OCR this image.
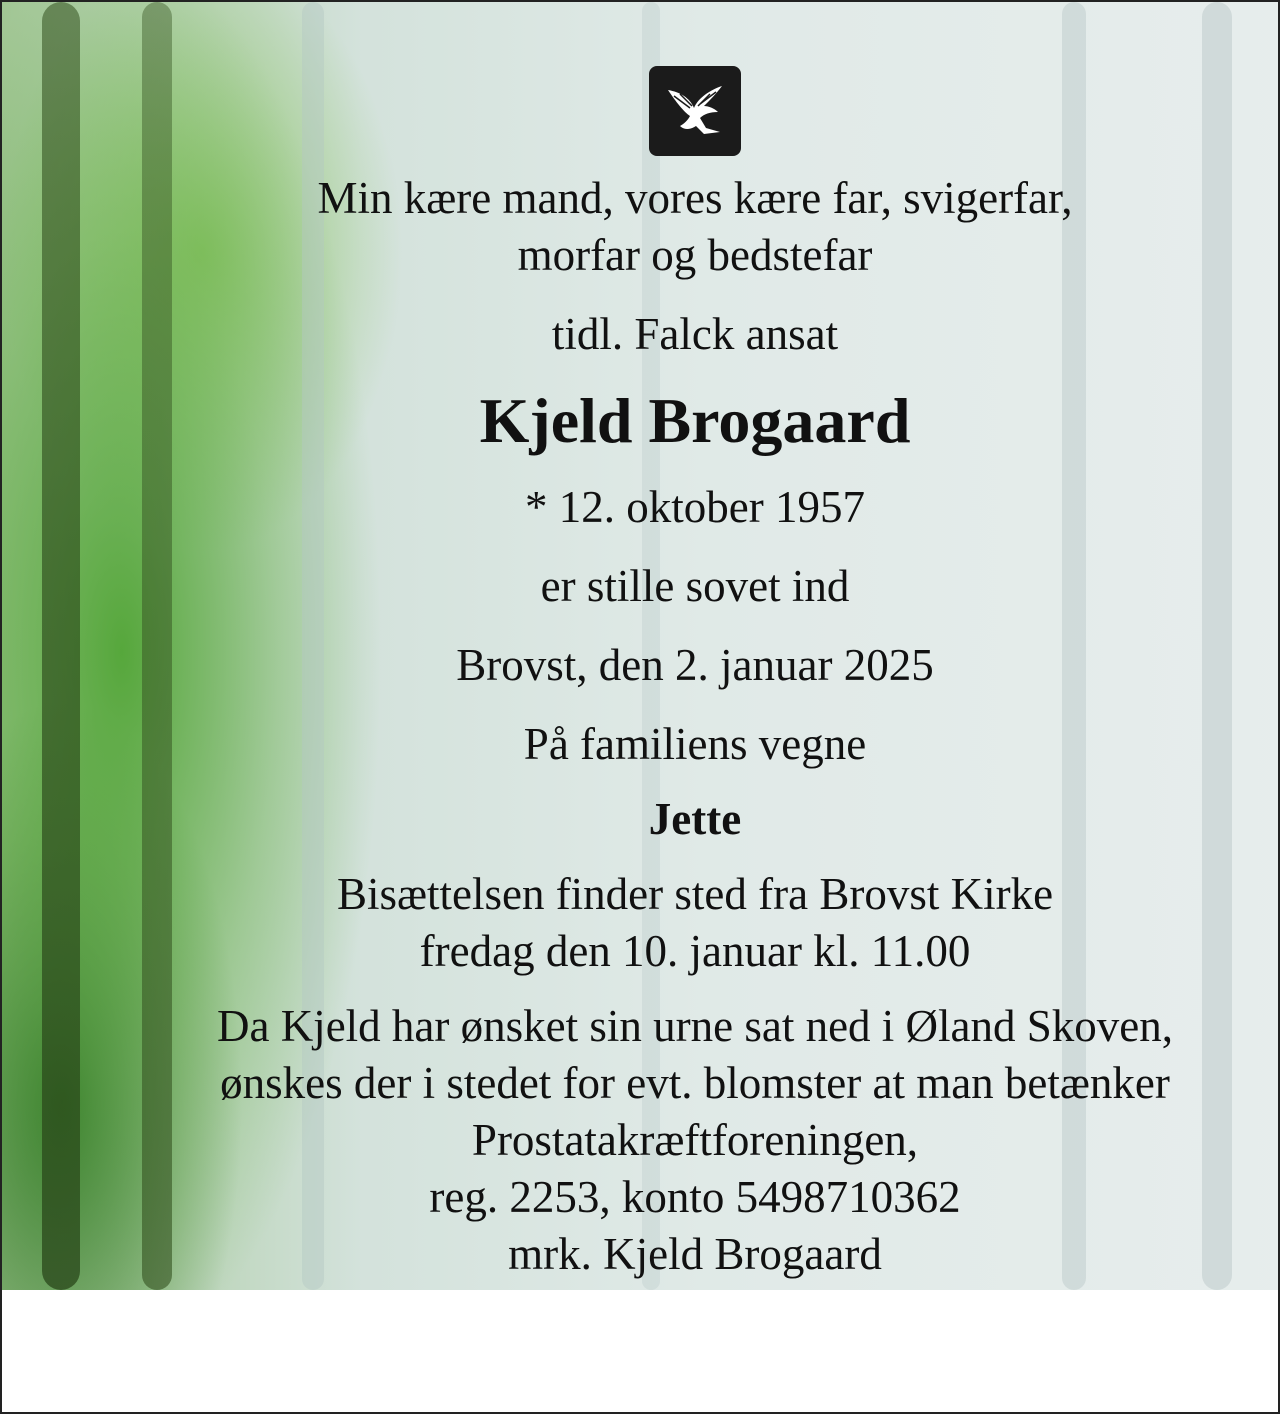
Min kære mand, vores kære far, svigerfar,

morfar og bedstefar

tidl. Falck ansat

Kjeld Brogaard

* 12. oktober 1957

er stille sovet ind

Brovst, den 2. januar 2025

På familiens vegne

Jette

Bisættelsen finder sted fra Brovst Kirke

fredag den 10. januar kl. 11.00

Da Kjeld har ønsket sin urne sat ned i Øland Skoven,

ønskes der i stedet for evt. blomster at man betænker

Prostatakræftforeningen,

reg. 2253, konto 5498710362

mrk. Kjeld Brogaard
